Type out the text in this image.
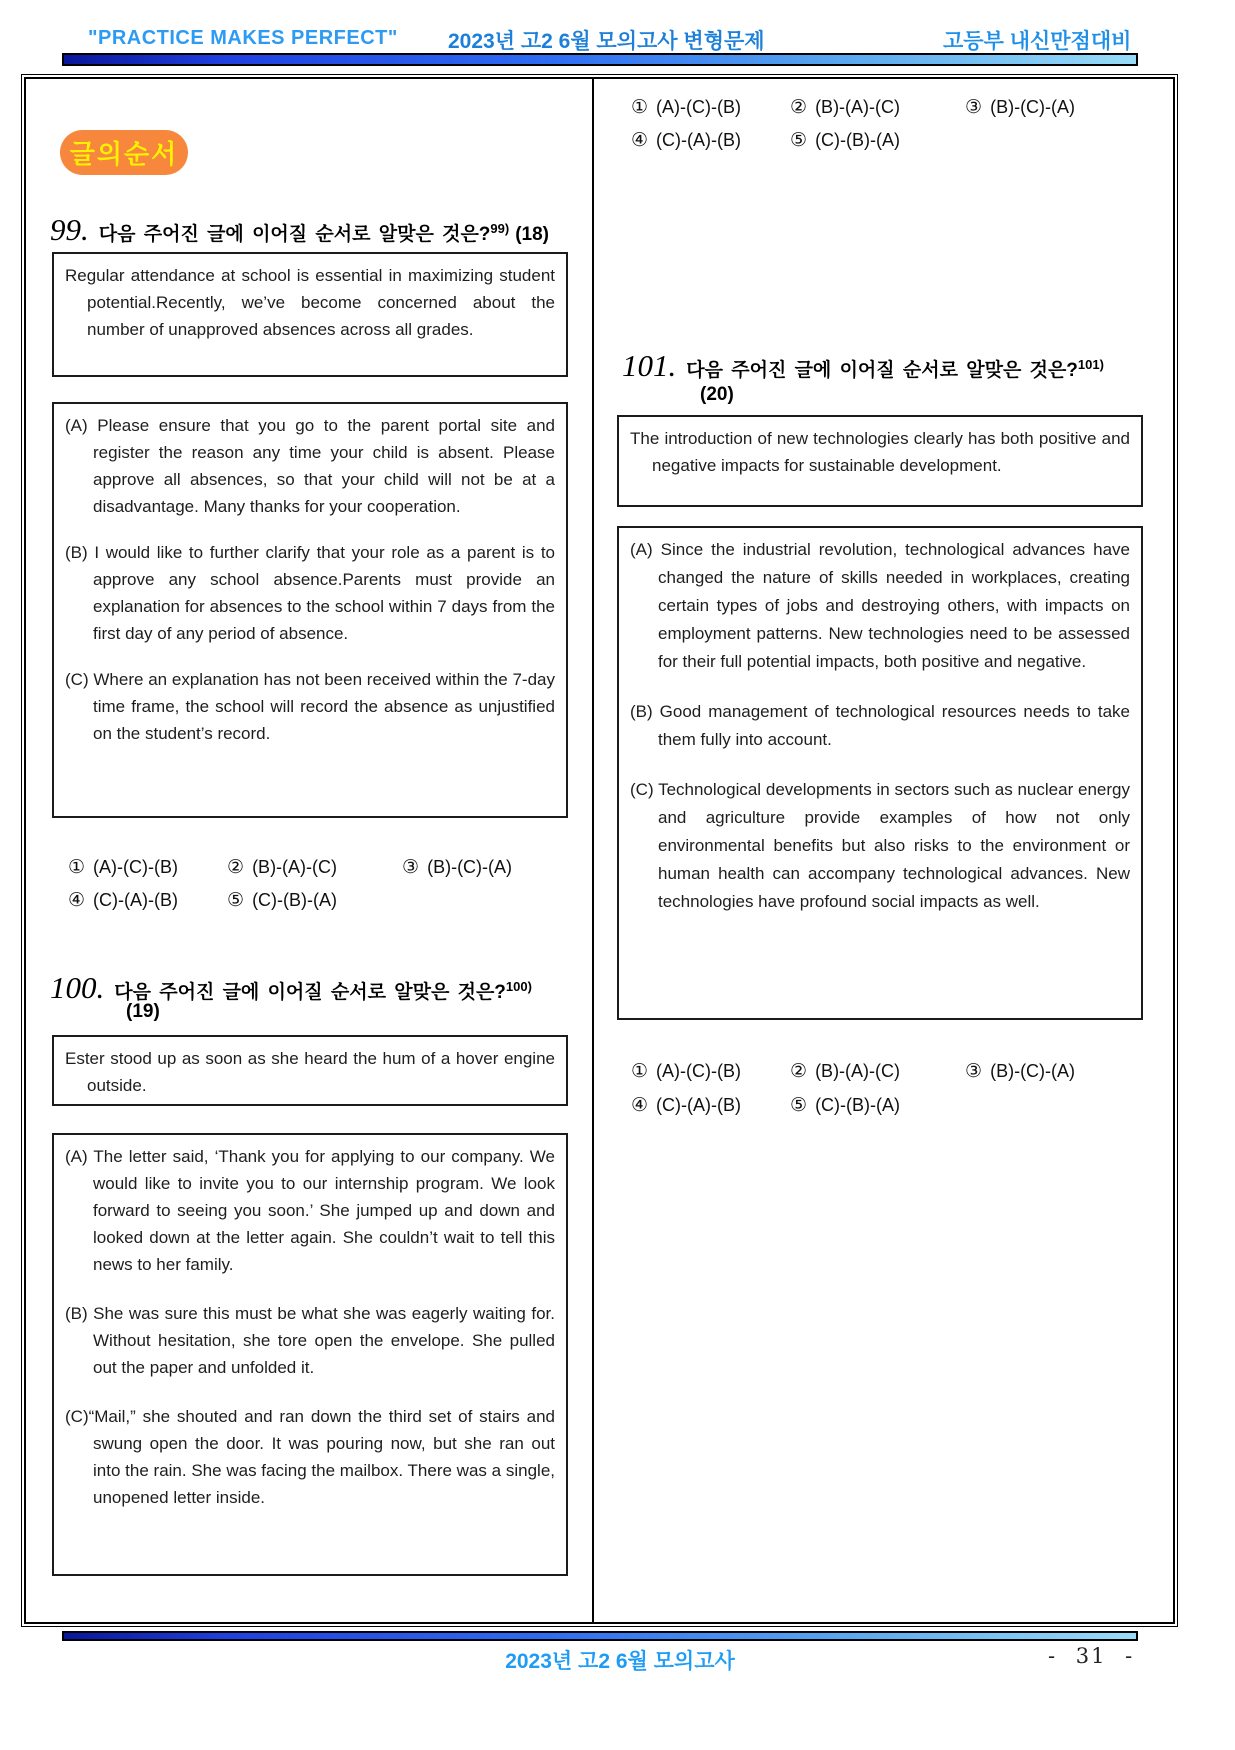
"PRACTICE MAKES PERFECT" 2023년 고2 6월 모의고사 변형문제	고등부 내신만점대비
글의순서
99. 다음 주어진 글에 이어질 순서로 알맞은 것은?$^{99)}$ (18)

Regular attendance at school is essential in maximizing student potential.Recently, we’ve become concerned about the number of unapproved absences across all grades.

(A) Please ensure that you go to the parent portal site and register the reason any time your child is absent. Please approve all absences, so that your child will not be at a disadvantage. Many thanks for your cooperation.

(B) I would like to further clarify that your role as a parent is to approve any school absence.Parents must provide an explanation for absences to the school within 7 days from the first day of any period of absence.

(C) Where an explanation has not been received within the 7-day time frame, the school will record the absence as unjustified on the student’s record.

① (A)-(C)-(B)	② (B)-(A)-(C)	③ (B)-(C)-(A)
④ (C)-(A)-(B)	⑤ (C)-(B)-(A)
100. 다음 주어진 글에 이어질 순서로 알맞은 것은?$^{100)}$
(19)

Ester stood up as soon as she heard the hum of a hover engine outside.

(A) The letter said, ‘Thank you for applying to our company. We would like to invite you to our internship program. We look forward to seeing you soon.’ She jumped up and down and looked down at the letter again. She couldn’t wait to tell this news to her family.

(B) She was sure this must be what she was eagerly waiting for. Without hesitation, she tore open the envelope. She pulled out the paper and unfolded it.

(C)“Mail,” she shouted and ran down the third set of stairs and swung open the door. It was pouring now, but she ran out into the rain. She was facing the mailbox. There was a single, unopened letter inside.

① (A)-(C)-(B)	② (B)-(A)-(C)	③ (B)-(C)-(A)
④ (C)-(A)-(B)	⑤ (C)-(B)-(A)
101. 다음 주어진 글에 이어질 순서로 알맞은 것은?$^{101)}$
(20)

The introduction of new technologies clearly has both positive and negative impacts for sustainable development.

(A) Since the industrial revolution, technological advances have changed the nature of skills needed in workplaces, creating certain types of jobs and destroying others, with impacts on employment patterns. New technologies need to be assessed for their full potential impacts, both positive and negative.

(B) Good management of technological resources needs to take them fully into account.

(C) Technological developments in sectors such as nuclear energy and agriculture provide examples of how not only environmental benefits but also risks to the environment or human health can accompany technological advances. New technologies have profound social impacts as well.

① (A)-(C)-(B)	② (B)-(A)-(C)	③ (B)-(C)-(A)
④ (C)-(A)-(B)	⑤ (C)-(B)-(A)
2023년 고2 6월 모의고사	- 31 -
